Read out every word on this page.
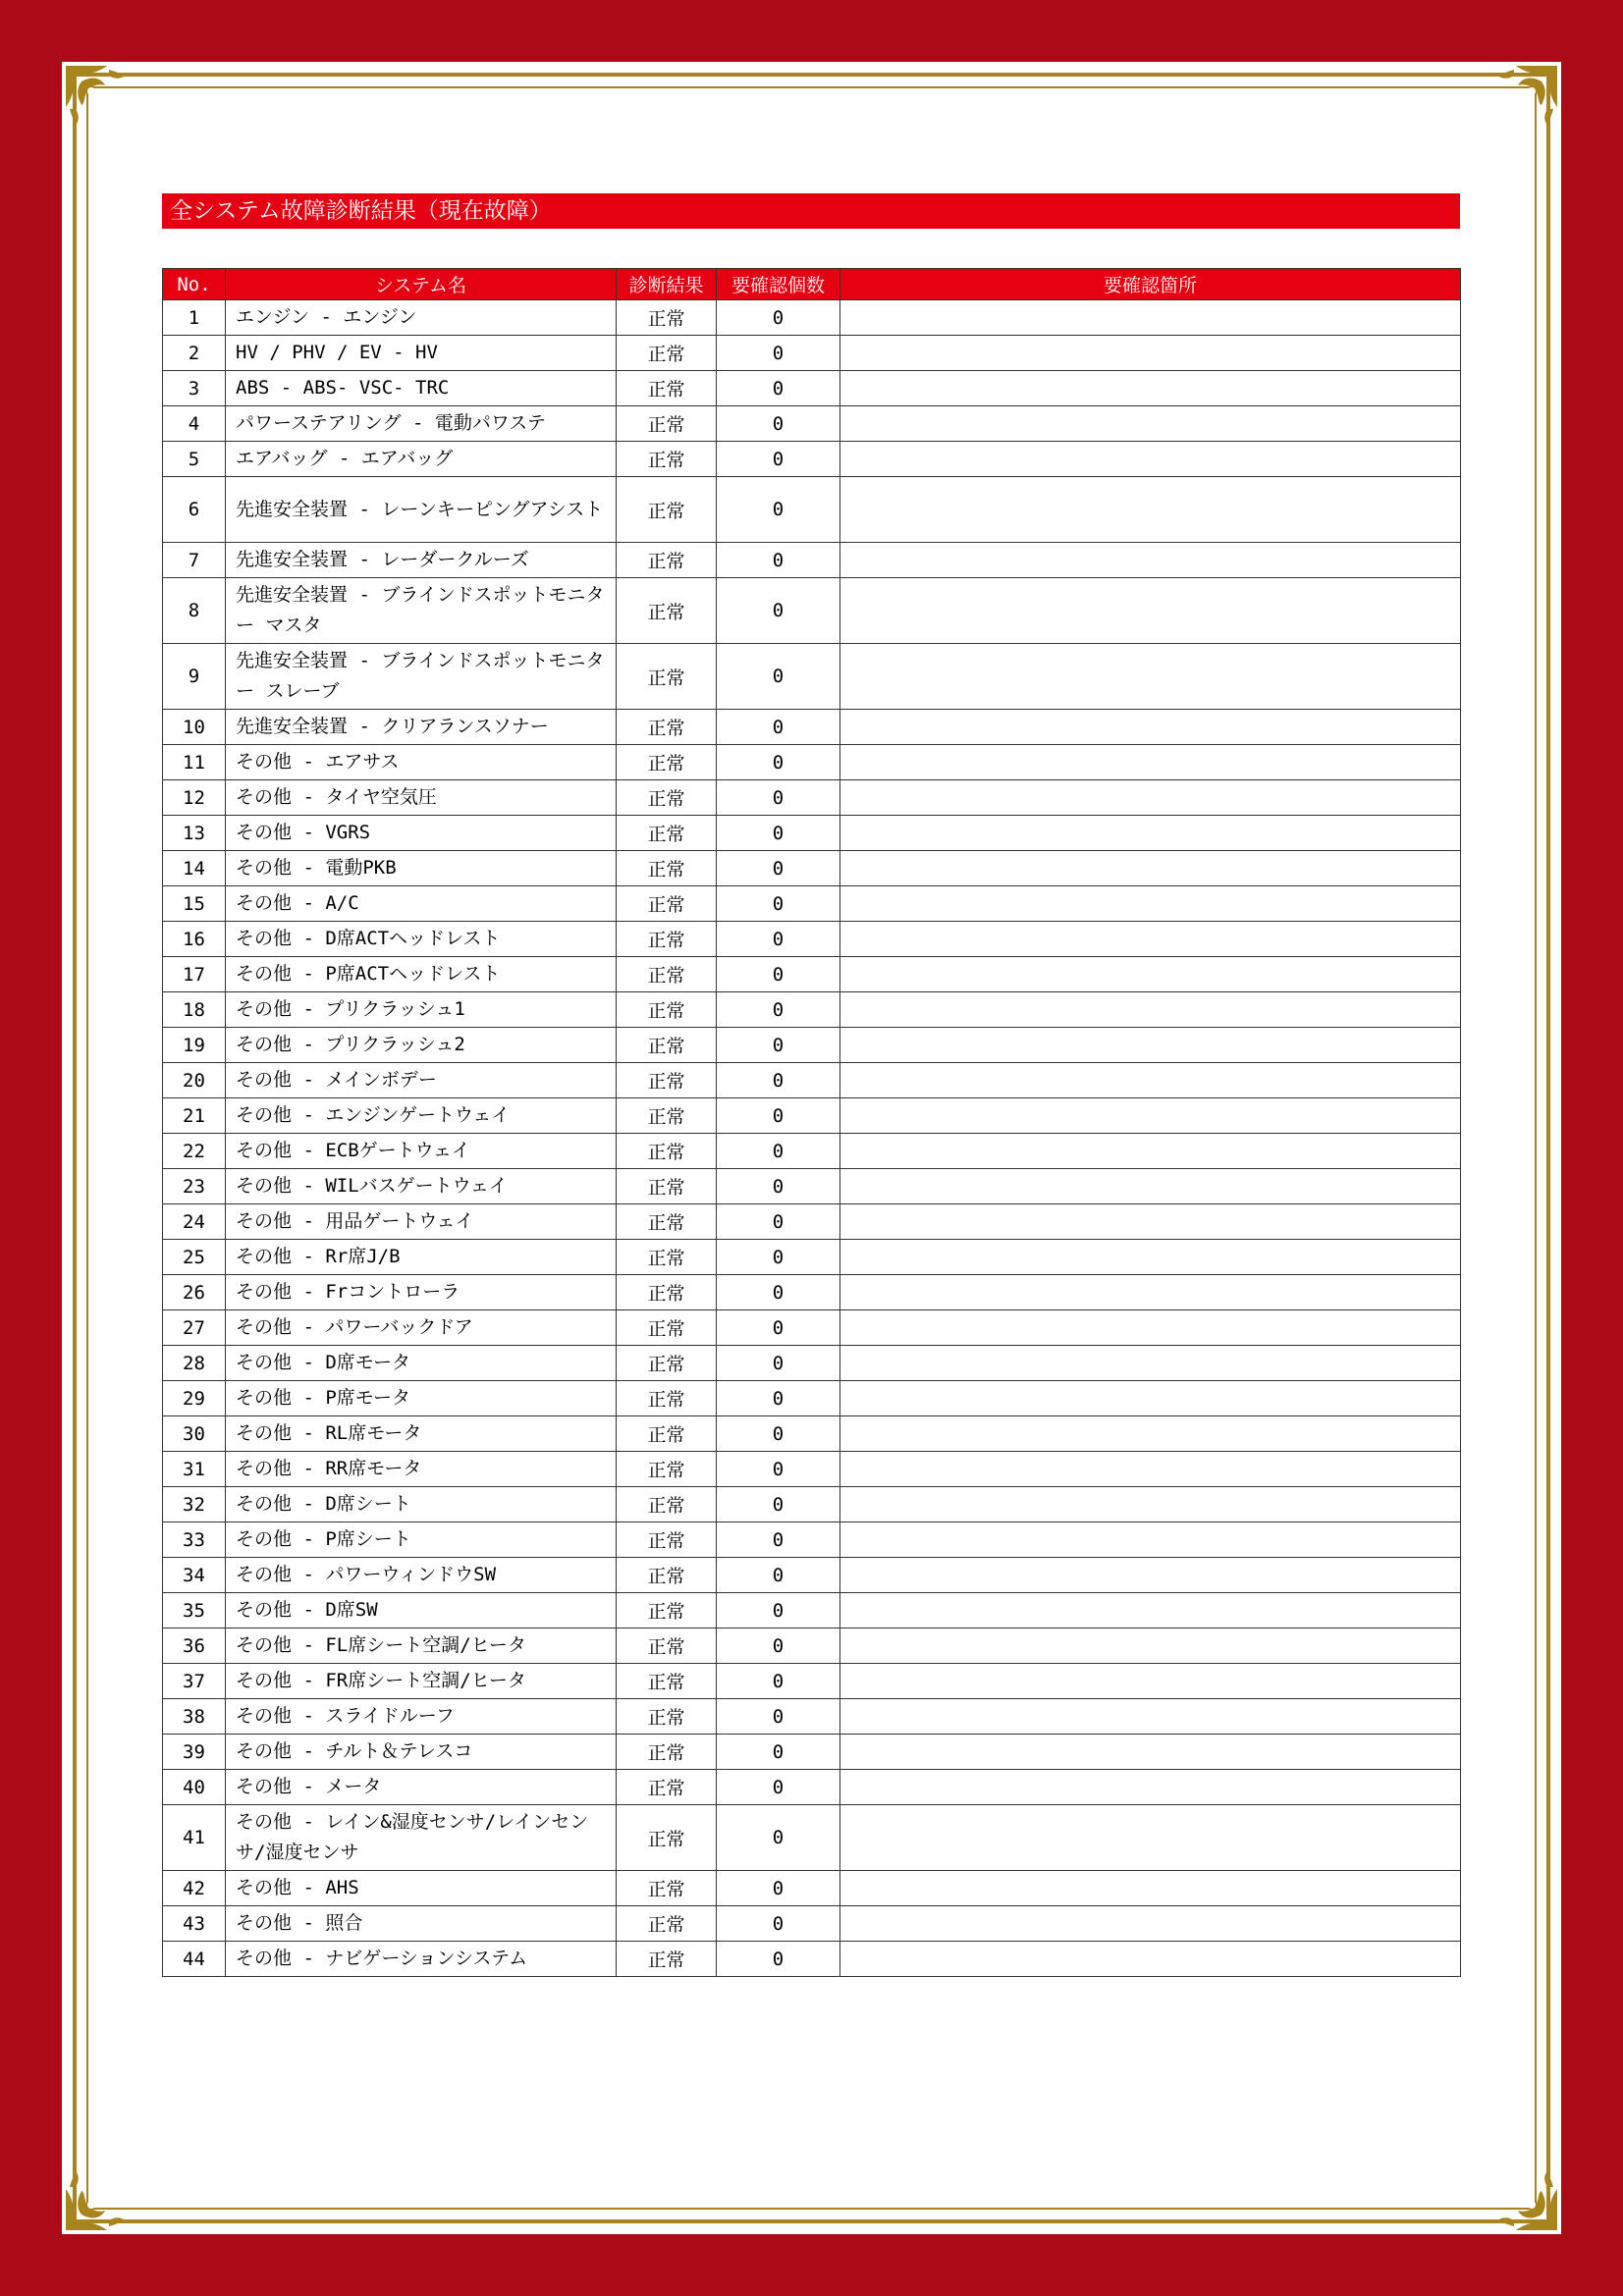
全システム故障診断結果（現在故障）
No.	システム名	診断結果	要確認個数	要確認箇所
1	エンジン - エンジン	正常	0	
2	HV / PHV / EV - HV	正常	0	
3	ABS - ABS- VSC- TRC	正常	0	
4	パワーステアリング - 電動パワステ	正常	0	
5	エアバッグ - エアバッグ	正常	0	
6	先進安全装置 - レーンキーピングアシスト	正常	0	
7	先進安全装置 - レーダークルーズ	正常	0	
8	先進安全装置 - ブラインドスポットモニター マスタ	正常	0	
9	先進安全装置 - ブラインドスポットモニター スレーブ	正常	0	
10	先進安全装置 - クリアランスソナー	正常	0	
11	その他 - エアサス	正常	0	
12	その他 - タイヤ空気圧	正常	0	
13	その他 - VGRS	正常	0	
14	その他 - 電動PKB	正常	0	
15	その他 - A/C	正常	0	
16	その他 - D席ACTヘッドレスト	正常	0	
17	その他 - P席ACTヘッドレスト	正常	0	
18	その他 - プリクラッシュ1	正常	0	
19	その他 - プリクラッシュ2	正常	0	
20	その他 - メインボデー	正常	0	
21	その他 - エンジンゲートウェイ	正常	0	
22	その他 - ECBゲートウェイ	正常	0	
23	その他 - WILバスゲートウェイ	正常	0	
24	その他 - 用品ゲートウェイ	正常	0	
25	その他 - Rr席J/B	正常	0	
26	その他 - Frコントローラ	正常	0	
27	その他 - パワーバックドア	正常	0	
28	その他 - D席モータ	正常	0	
29	その他 - P席モータ	正常	0	
30	その他 - RL席モータ	正常	0	
31	その他 - RR席モータ	正常	0	
32	その他 - D席シート	正常	0	
33	その他 - P席シート	正常	0	
34	その他 - パワーウィンドウSW	正常	0	
35	その他 - D席SW	正常	0	
36	その他 - FL席シート空調/ヒータ	正常	0	
37	その他 - FR席シート空調/ヒータ	正常	0	
38	その他 - スライドルーフ	正常	0	
39	その他 - チルト＆テレスコ	正常	0	
40	その他 - メータ	正常	0	
41	その他 - レイン&湿度センサ/レインセンサ/湿度センサ	正常	0	
42	その他 - AHS	正常	0	
43	その他 - 照合	正常	0	
44	その他 - ナビゲーションシステム	正常	0	
